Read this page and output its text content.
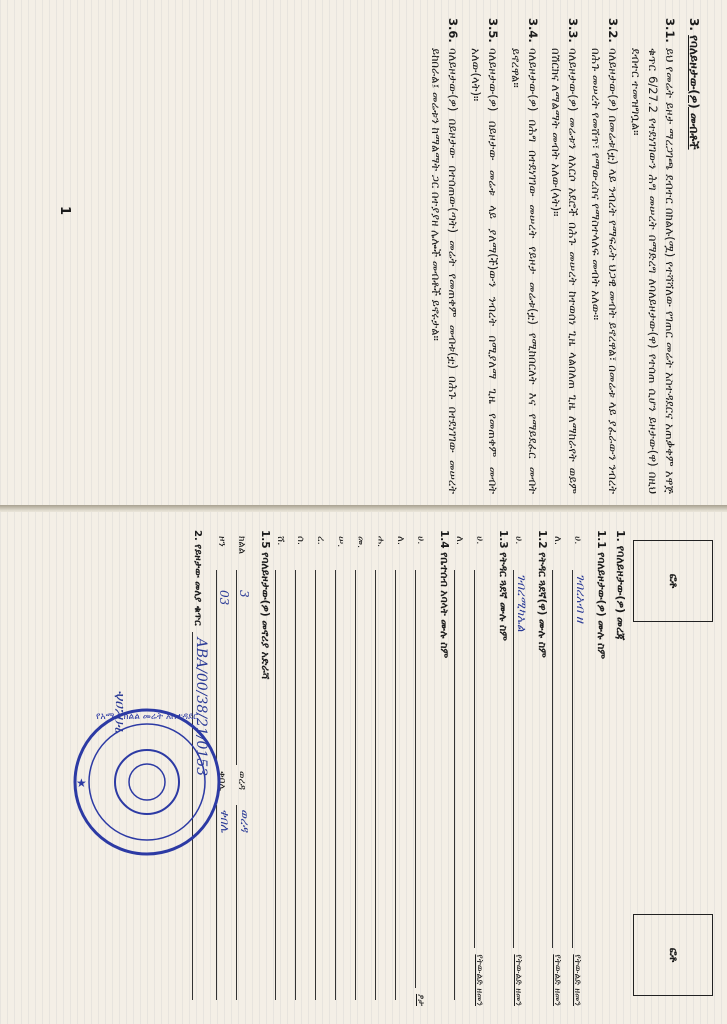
3. የባለይዞታው(ዎ) መብቶች
3.1.
ይህ የመሬት ይዞታ ማረጋገጫ ደብተር በክልሉ(ሟ) የተሻሻለው የገጠር መሬት አስተዳደርና አጠቃቀም አዋጅ ቁጥር 6/27.2 የተደነገገውን ሕግ መሠረት በማድረግ ለባለይዞታው(ዋ) የተሰጠ ሲሆን ይዞታው(ዋ) በዚህ ደብተር ተመዝግቧል።
3.2.
ባለይዞታው(ዎ) በመሬቱ(ቷ) ላይ ንብረት የማፍራት ህጋዊ መብት ይኖረዋል፣ በመሬቱ ላይ ያፈራውን ንብረት በሕጉ መሠረት የመሸጥ፣ የማውረስና የማስተላለፍ መብት አለው።
3.3.
ባለይዞታው(ዎ) መሬቱን ለአርሶ አደሮች በሕጉ መሠረት ከተወሰነ ጊዜ ላልበለጠ ጊዜ ለማከራየት ወይም በሽርክና ለማልማት መብት አለው(ላት)።
3.4.
ባለይዞታው(ዎ) በሕግ በተደነገገው መሠረት የይዞታ መሬቱ(ቷ) የሚከበርለት እና የማይደፈር መብት ይኖረዋል።
3.5.
ባለይዞታው(ዎ) በይዞታው መሬቱ ላይ ያለማ(ች)ውን ንብረት በሚያለማ ጊዜ የመጠቀም መብት አለው(ላት)።
3.6.
ባለይዞታው(ዎ) በይዞታው በተሰጠው(ጣት) መሬት የመጠቀም መብቱ(ቷ) በሕጉ በተደነገገው መሠረት ይከበራል፤ መሬቱን ከማልማት ጋር በተያያዘ ሌሎች መብቶች ይኖሩታል።
1
ፎቶ
ፎቶ
1. የባለይዞታው(ዎ) መረጃ
1.1 የባለይዞታው(ዎ) ሙሉ ስም
ሀ.
ገብረአብ ዘ
የትውልድ ዘመን
ለ.
የትውልድ ዘመን
1.2 የትዳር ጓደኛ(ዋ) ሙሉ ስም
ሀ.
ገብረሚካኤል
የትውልድ ዘመን
1.3 የትዳር ጓደኛ ሙሉ ስም
ሀ.
የትውልድ ዘመን
ለ.
1.4 የቤተሰብ አባላት ሙሉ ስም
ሀ.
ፆታ
ለ.
ሐ.
መ.
ሠ.
ረ.
ሰ.
ሸ.
1.5 የባለይዞታው(ዎ) መኖሪያ አድራሻ
ክልል
3
ወረዳ
ወረዳ
ዞን
03
ቀበሌ
ቀበሌ
2. የይዞታው መለያ ቁጥር
ABA/00/38/21/0153
ገብረዐሉ
የአማራ ክልል መሬት አስተዳደር
★
